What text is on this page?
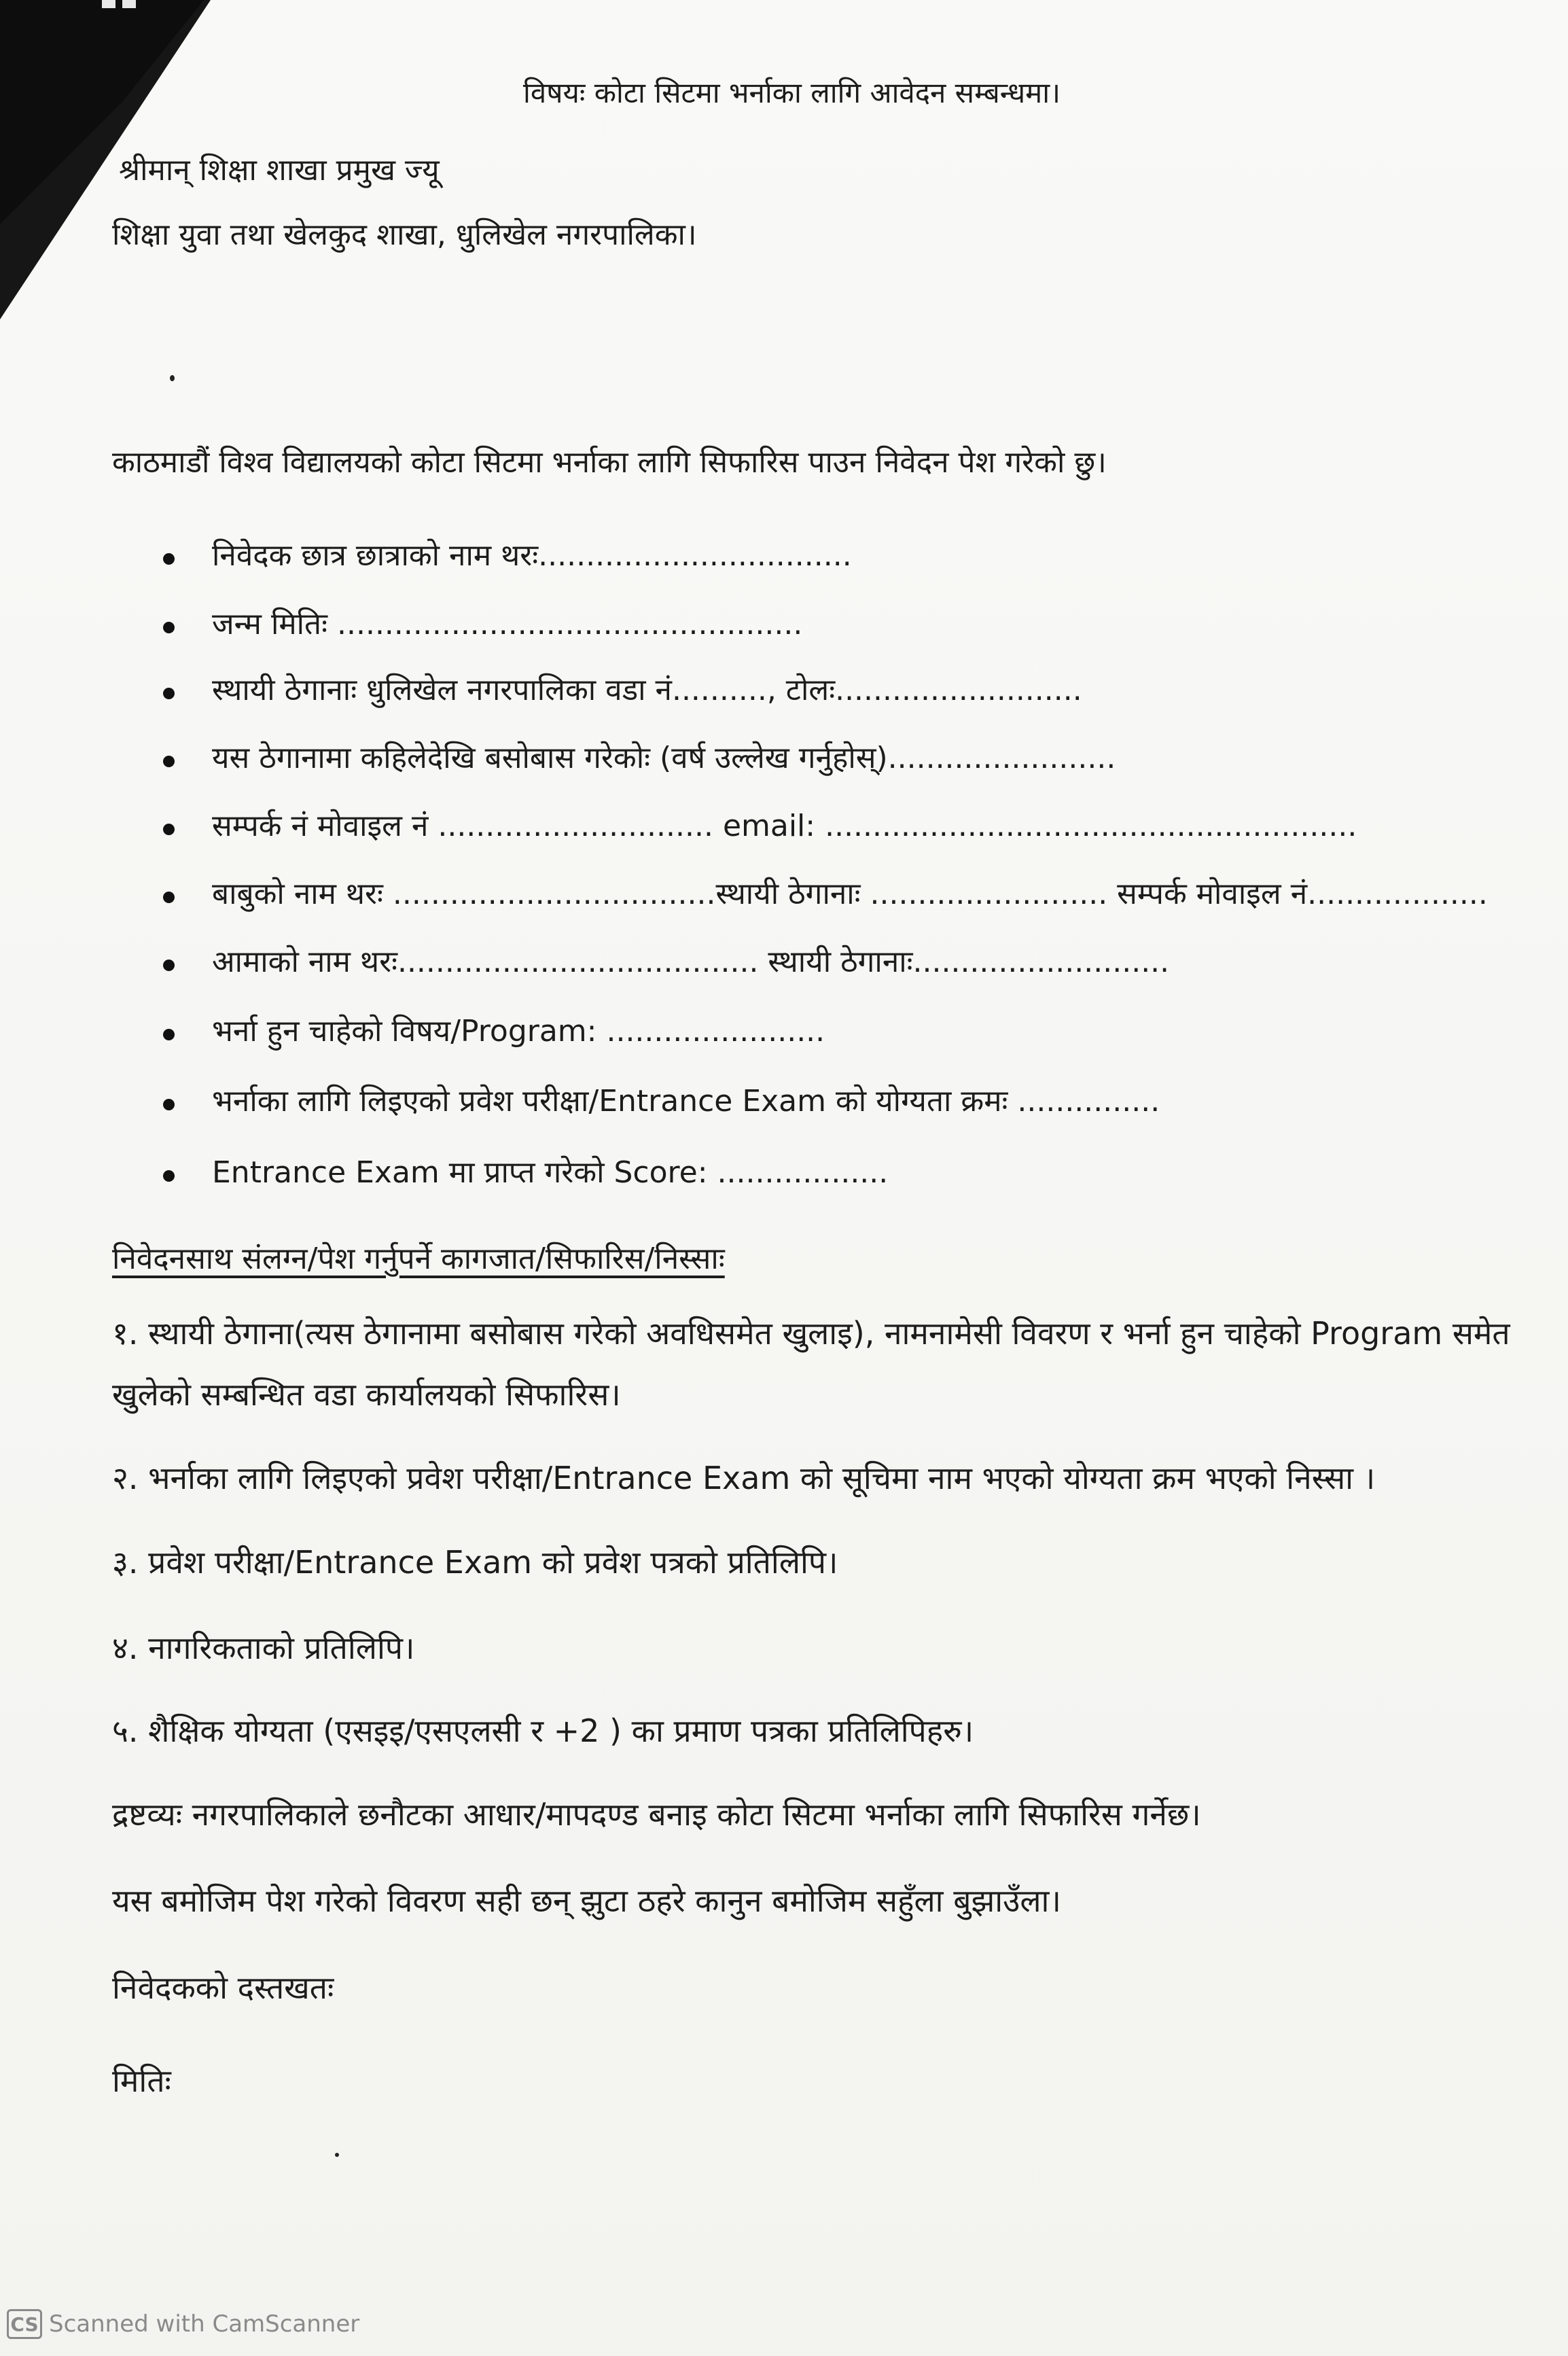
विषयः कोटा सिटमा भर्नाका लागि आवेदन सम्बन्धमा।
श्रीमान् शिक्षा शाखा प्रमुख ज्यू
शिक्षा युवा तथा खेलकुद शाखा, धुलिखेल नगरपालिका।
काठमाडौं विश्व विद्यालयको कोटा सिटमा भर्नाका लागि सिफारिस पाउन निवेदन पेश गरेको छु।
निवेदक छात्र छात्राको नाम थरः.................................
जन्म मितिः .................................................
स्थायी ठेगानाः धुलिखेल नगरपालिका वडा नं.........., टोलः..........................
यस ठेगानामा कहिलेदेखि बसोबास गरेकोः (वर्ष उल्लेख गर्नुहोस्)........................
सम्पर्क नं मोवाइल नं ............................. email: ........................................................
बाबुको नाम थरः ..................................स्थायी ठेगानाः ......................... सम्पर्क मोवाइल नं...................
आमाको नाम थरः...................................... स्थायी ठेगानाः...........................
भर्ना हुन चाहेको विषय/Program: .......................
भर्नाका लागि लिइएको प्रवेश परीक्षा/Entrance Exam को योग्यता क्रमः ...............
Entrance Exam मा प्राप्त गरेको Score: ..................
निवेदनसाथ संलग्न/पेश गर्नुपर्ने कागजात/सिफारिस/निस्साः
१. स्थायी ठेगाना(त्यस ठेगानामा बसोबास गरेको अवधिसमेत खुलाइ), नामनामेसी विवरण र भर्ना हुन चाहेको Program समेत
खुलेको सम्बन्धित वडा कार्यालयको सिफारिस।
२. भर्नाका लागि लिइएको प्रवेश परीक्षा/Entrance Exam को सूचिमा नाम भएको योग्यता क्रम भएको निस्सा ।
३. प्रवेश परीक्षा/Entrance Exam को प्रवेश पत्रको प्रतिलिपि।
४. नागरिकताको प्रतिलिपि।
५. शैक्षिक योग्यता (एसइइ/एसएलसी र +2 ) का प्रमाण पत्रका प्रतिलिपिहरु।
द्रष्टव्यः नगरपालिकाले छनौटका आधार/मापदण्ड बनाइ कोटा सिटमा भर्नाका लागि सिफारिस गर्नेछ।
यस बमोजिम पेश गरेको विवरण सही छन् झुटा ठहरे कानुन बमोजिम सहुँला बुझाउँला।
निवेदकको दस्तखतः
मितिः
CS Scanned with CamScanner
